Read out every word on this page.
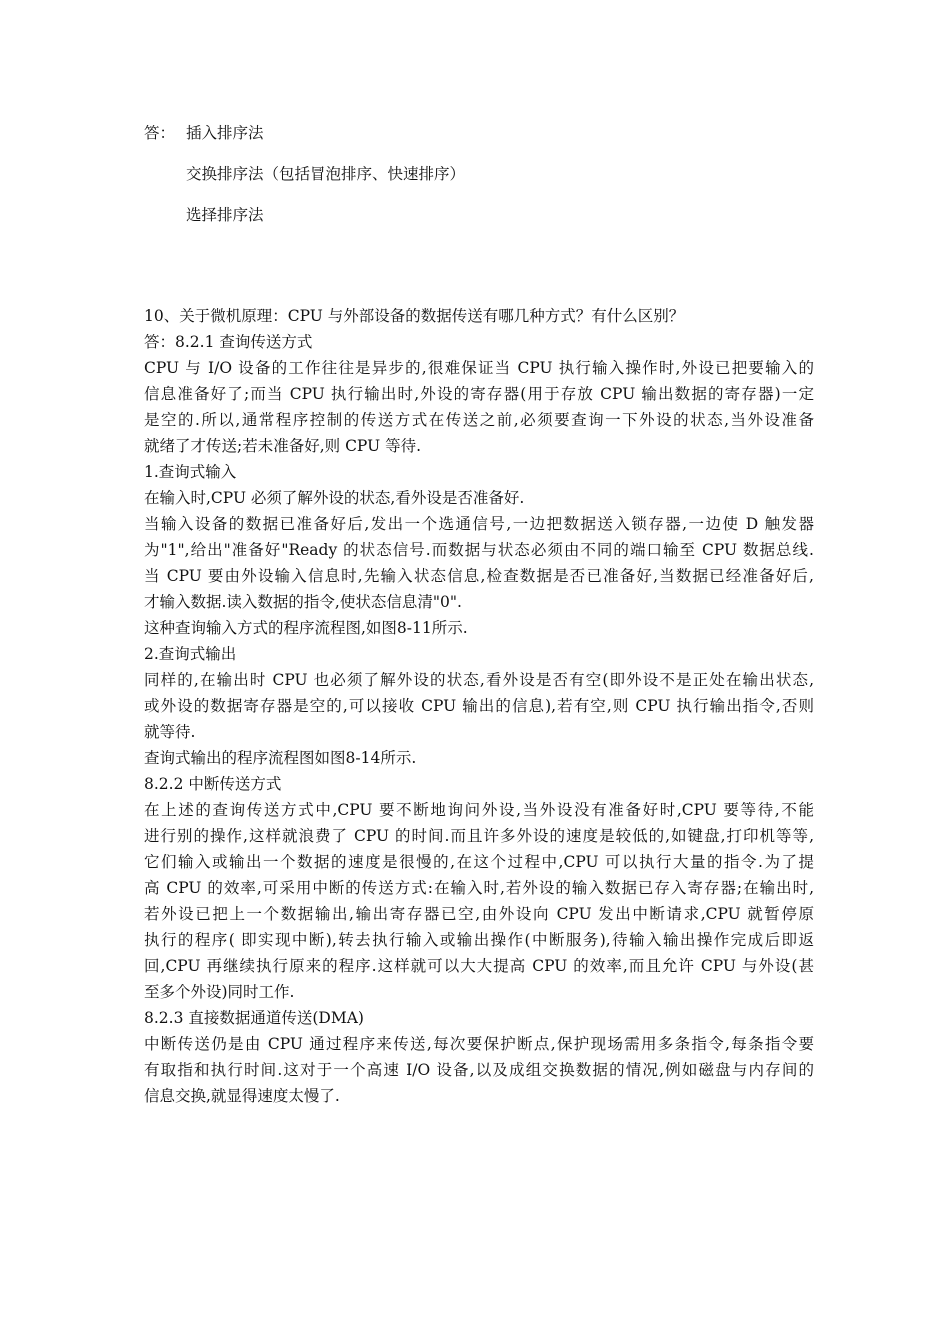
答： 插入排序法
交换排序法（包括冒泡排序、快速排序）
选择排序法
10、关于微机原理：CPU 与外部设备的数据传送有哪几种方式？有什么区别？
答：8.2.1 查询传送方式
CPU 与 I/O 设备的工作往往是异步的,很难保证当 CPU 执行输入操作时,外设已把要输入的
信息准备好了;而当 CPU 执行输出时,外设的寄存器(用于存放 CPU 输出数据的寄存器)一定
是空的.所以,通常程序控制的传送方式在传送之前,必须要查询一下外设的状态,当外设准备
就绪了才传送;若未准备好,则 CPU 等待.
1.查询式输入
在输入时,CPU 必须了解外设的状态,看外设是否准备好.
当输入设备的数据已准备好后,发出一个选通信号,一边把数据送入锁存器,一边使 D 触发器
为"1",给出"准备好"Ready 的状态信号.而数据与状态必须由不同的端口输至 CPU 数据总线.
当 CPU 要由外设输入信息时,先输入状态信息,检查数据是否已准备好,当数据已经准备好后,
才输入数据.读入数据的指令,使状态信息清"0".
这种查询输入方式的程序流程图,如图8-11所示.
2.查询式输出
同样的,在输出时 CPU 也必须了解外设的状态,看外设是否有空(即外设不是正处在输出状态,
或外设的数据寄存器是空的,可以接收 CPU 输出的信息),若有空,则 CPU 执行输出指令,否则
就等待.
查询式输出的程序流程图如图8-14所示.
8.2.2 中断传送方式
在上述的查询传送方式中,CPU 要不断地询问外设,当外设没有准备好时,CPU 要等待,不能
进行别的操作,这样就浪费了 CPU 的时间.而且许多外设的速度是较低的,如键盘,打印机等等,
它们输入或输出一个数据的速度是很慢的,在这个过程中,CPU 可以执行大量的指令.为了提
高 CPU 的效率,可采用中断的传送方式:在输入时,若外设的输入数据已存入寄存器;在输出时,
若外设已把上一个数据输出,输出寄存器已空,由外设向 CPU 发出中断请求,CPU 就暂停原
执行的程序( 即实现中断),转去执行输入或输出操作(中断服务),待输入输出操作完成后即返
回,CPU 再继续执行原来的程序.这样就可以大大提高 CPU 的效率,而且允许 CPU 与外设(甚
至多个外设)同时工作.
8.2.3 直接数据通道传送(DMA)
中断传送仍是由 CPU 通过程序来传送,每次要保护断点,保护现场需用多条指令,每条指令要
有取指和执行时间.这对于一个高速 I/O 设备,以及成组交换数据的情况,例如磁盘与内存间的
信息交换,就显得速度太慢了.
